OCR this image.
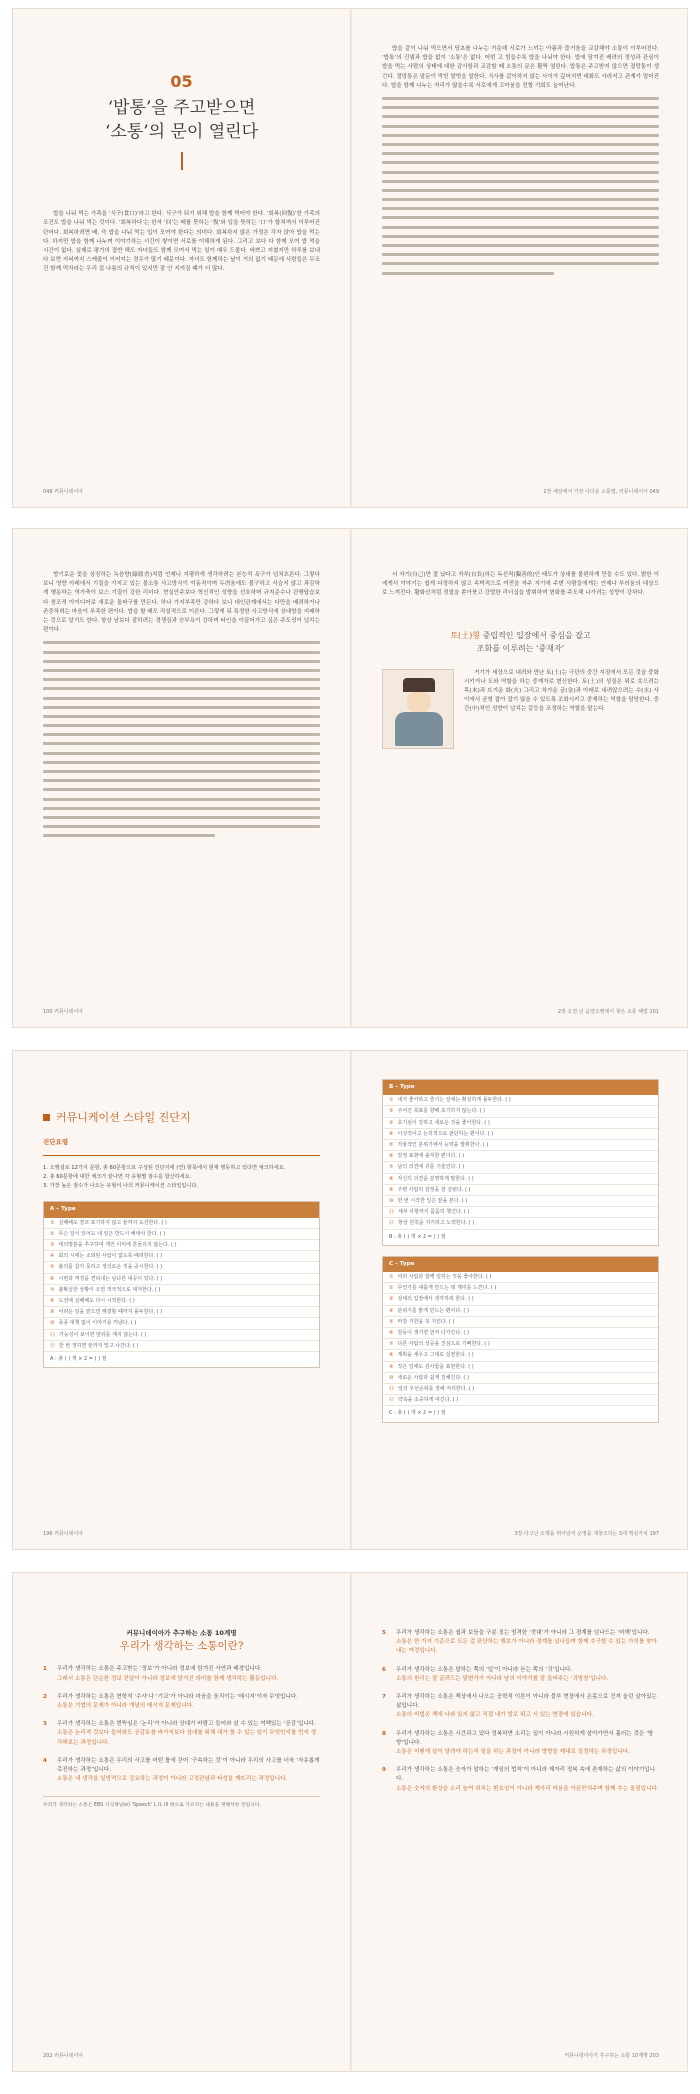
05
‘밥통’을 주고받으면
‘소통’의 문이 열린다
밥을 나눠 먹는 가족을 ‘식구(食口)’라고 한다. 식구가 되기 위해 밥을 함께 먹어야 한다. ‘회복(回復)’한 가족의 조건도 밥을 나눠 먹는 것이다. ‘회복하다’는 한자 ‘回’는 배를 뜻하는 ‘復’와 입을 뜻하는 ‘口’가 합쳐져서 이루어진 단어다. 회복하려면 배, 즉 밥을 나눠 먹는 입이 모여야 한다는 의미다. 회복하지 않은 가정은 각자 앉아 밥을 먹는다. 하지만 밥을 함께 나누며 이야기하는 시간이 쌓이면 서로를 이해하게 된다. 그리고 보다 다 함께 모여 밥 먹을 시간이 없다. 실제로 평가의 절반 해도 자녀들도 함께 모여서 먹는 일이 매우 드물다. 바쁘고 지쳤지만 하루를 보내다 보면 저녁까지 스케줄이 이어지는 경우가 많기 때문이다. 자녀도 함께하는 날이 거의 없기 때문에 사람들은 무조건 함께 먹자라는 우리 집 나름의 규칙이 있지만 잘 안 지켜질 때가 더 많다.
048 커뮤니데이아
밥을 같이 나눠 먹으면서 당초를 나누는 가운데 서로가 느끼는 아픔과 즐거움을 교감해야 소통이 이루어진다. ‘밥통’의 건넴과 밥을 없이 ‘소통’은 없다. 어떤 고 힘들수록 밥을 나눠야 한다. 밥에 담겨진 배려의 정성과 관심이 밥을 먹는 사람의 상태에 대한 감사함과 교감할 때 소통의 문은 활짝 열린다. 밥통은 주고받지 않으면 절망통이 생긴다. 절망통은 말문이 막힌 말벗을 말한다. 식사를 같이하지 않는 사이가 깊어지면 대화도 사라지고 관계가 멀어진다. 밥을 함께 나누는 자리가 많을수록 서로에게 고마움을 전할 기회도 늘어난다.
1장 세상에서 가장 나다운 소통법, 커뮤니데이아 049
향기로운 꽃을 상징하는 녹음향(綠陰香)처럼 언제나 지평하게 생각하려는 본능적 욕구가 넘쳐흐른다. 그렇다 보니 영향 아래에서 기질을 가지고 있는 불소통 사고방식이 억동적이며 두려움에도 불구하고 서슴지 않고 과감하게 행동하는 역가축이 보스 기질이 강한 리더다. 현실안주보다 혁신적인 성향을 선호하며 규칙준수나 관행답습보다 창조적 아이디어로 새로운 돌파구를 만든다. 하나 가지부족만 강하다 보니 대인관계에서는 다만을 배려하거나 존중하려는 마음이 부족한 편이다. 밥을 할 때도 직설적으로 이른다. 그렇게 되 특정한 사고방식에 상대방을 지배하는 것으로 알기도 한다. 항상 남보다 잘하려는 경쟁심과 승부욕이 강하며 타인을 이끌어가고 싶은 주도성이 넘치는 편이다.
100 커뮤니데이아
서 자기(自己)만 잘 났다고 자부(自負)하는 독선적(獨善的)인 태도가 상대를 불편하게 만들 수도 있다. 밝한 이에게서 이야기는 쉽게 다정하지 않고 속박적으로 여전을 자주 자기에 주변 사람들에게는 언제나 부러움의 대상으로 느껴진다. 활화산처럼 정열을 쏟아붓고 강렬한 리더십을 발휘하며 변화를 주도해 나가려는 성향이 강하다.
토(土)형 중립적인 입장에서 중심을 잡고
조화를 이루려는 ‘중재자’
거기가 세상으로 내려와 만난 토(土)는 극단의 중간 지점에서 모든 것을 중화시키거나 도와 역할을 하는 중재자로 변신한다. 토(土)의 성질은 위로 솟으려는 목(木)과 뜨거운 화(火) 그리고 차가운 금(金)과 아래로 내려앉으려는 수(水) 사이에서 균형 잡아 잡기 않을 수 있도록 조화시키고 중재하는 역할을 담당한다. 중간(中)적인 성향이 넘치는 갈등을 조정하는 역할을 맡는다.
2장 오천 년 음양오행에서 찾은 소통 해법 101
커뮤니케이션 스타일 진단지
진단요령
1. 오행설로 12가지 문항, 총 60문항으로 구성된 진단지에 (연) 항목에서 현재 행동하고 있다면 체크하세요.
2. 총 60문항에 대한 체크가 끝나면 각 유형별 점수를 합산하세요.
3. 가장 높은 점수가 나오는 유형이 나의 커뮤니케이션 스타일입니다.
A – Type
① 실패해도 결코 포기하지 않고 끝까지 도전한다. ( )
② 무슨 일이 있어도 내 일은 반드시 해내야 한다. ( )
③ 대의명분을 추구하며 개인 이익에 흔들리지 않는다. ( )
④ 회의 시에는 소외된 사람이 없도록 배려한다. ( )
⑤ 불의를 참지 못하고 정의로운 것을 중시한다. ( )
⑥ 시련과 역경을 견뎌내는 남다른 내공이 있다. ( )
⑦ 불확실한 상황이 오면 적극적으로 대처한다. ( )
⑧ 도전에 실패해도 다시 시작한다. ( )
⑨ 어려운 일을 맡으면 해결할 때까지 몰두한다. ( )
⑩ 종종 대책 없이 이야기를 꺼낸다. ( )
⑪ 가능성이 보이면 앞뒤를 재지 않는다. ( )
⑫ 한 번 정하면 끝까지 밀고 나간다. ( )
A : 총 ( ) 개 × 2 = ( ) 점
196 커뮤니데이아
B – Type
① 내가 좋아하고 즐기는 일에는 확실하게 몰두한다. ( )
② 주어진 목표를 향해 포기하지 않는다. ( )
③ 호기심이 강하고 새로운 것을 좋아한다. ( )
④ 이성적이고 논리적으로 판단하는 편이다. ( )
⑤ 자율적인 분위기에서 능력을 발휘한다. ( )
⑥ 감정 표현에 솔직한 편이다. ( )
⑦ 남의 의견에 귀를 기울인다. ( )
⑧ 자신의 의견을 분명하게 말한다. ( )
⑨ 주변 사람의 감정을 잘 살핀다. ( )
⑩ 한 번 시작한 일은 끝을 본다. ( )
⑪ 세부 사항까지 꼼꼼히 챙긴다. ( )
⑫ 항상 원칙을 지키려고 노력한다. ( )
B : 총 ( ) 개 × 2 = ( ) 점
C – Type
① 여러 사람과 함께 일하는 것을 좋아한다. ( )
② 무언가를 새롭게 만드는 데 재미를 느낀다. ( )
③ 상대의 입장에서 생각하려 한다. ( )
④ 분위기를 밝게 만드는 편이다. ( )
⑤ 마감 기한을 꼭 지킨다. ( )
⑥ 갈등이 생기면 먼저 다가간다. ( )
⑦ 다른 사람의 성공을 진심으로 기뻐한다. ( )
⑧ 계획을 세우고 그대로 실천한다. ( )
⑨ 작은 일에도 감사함을 표현한다. ( )
⑩ 새로운 사람과 쉽게 친해진다. ( )
⑪ 일의 우선순위를 정해 처리한다. ( )
⑫ 약속을 소중하게 여긴다. ( )
C : 총 ( ) 개 × 2 = ( ) 점
3장 타고난 오행을 뛰어넘어 운명을 재창조하는 5대 핵심가치 197
커뮤니데이아가 추구하는 소통 10계명
우리가 생각하는 소통이란?
1	우리가 생각하는 소통은 주고받는 ‘정보’가 아니라 정보에 담겨진 사연과 배경입니다.
그래서 소통은 단순한 정보 전달이 아니라 정보에 담겨진 의미를 함께 생각하는 활동입니다.
2	우리가 생각하는 소통은 현학적 ‘수사’나 ‘기교’가 아니라 마음을 움직이는 ‘메시지’이자 무엇입니다.
소통은 기법의 문제가 아니라 개념의 메시지 문제입니다.
3	우리가 생각하는 소통은 번뜩임은 ‘논리’가 아니라 상대가 바람고 들어와 살 수 있는 여백있는 ‘공감’입니다.
소통은 논리적 것보다 들어와도 공감토를 바가지보다 상대를 위해 내가 할 수 있는 일이 무엇인지를 먼저 생각해보는 과정입니다.
4	우리가 생각하는 소통은 우리의 사고를 어떤 틀에 갇어 ‘구속하는 것’이 아니라 우리의 사고를 더욱 ‘자유롭게 촉진하는 과정’입니다.
소통은 내 생각을 일방적으로 강요하는 과정이 아니라 고정관념과 타성을 깨뜨리는 과정입니다.
우리가 생각하는 소통은 EBS 지식채널(e) ‘Speech’ I, II, III 편으로 가르치는 내용을 재해석한 것입니다.
202 커뮤니데이아
5	우리가 생각하는 소통은 쉽과 보듬을 구분 짓는 엄격한 ‘잣대’가 아니라 그 경계를 넘나드는 ‘어깨’입니다.
소통은 한 가지 기준으로 모든 걸 판단하는 행보가 아니라 경계를 넘나들며 함께 추구할 수 있는 가치를 찾아내는 여정입니다.
6	우리가 생각하는 소통은 말하는 쪽의 ‘입’이 아니라 듣는 쪽의 ‘귀’입니다.
소통의 원리는 잘 끌려드는 달변가가 아니라 남의 이야기를 잘 들어주는 ‘귀명창’입니다.
7	우리가 생각하는 소통은 책상에서 나오는 공학적 이론이 아니라 블루 현장에서 온몸으로 건져 올린 살아있는 삶입니다.
소통의 비법은 책에 나와 있지 않고 직접 내가 발로 뛰고 서 있는 현장에 있습니다.
8	우리가 생각하는 소통은 시간과고 있다 정복하면 소리는 일이 아니라 시원하게 살아가면서 흘러는 것은 ‘방향’입니다.
소통은 어떻게 살이 달려야 하는지 일을 하는 과정이 아니라 방향을 제대로 설정하는 과정입니다.
9	우리가 생각하는 소통은 숫자가 말하는 ‘게임의 법칙’이 아니라 제자리 정복 속에 존재하는 삶의 이야기입니다.
소통은 숫자의 환상을 소리 높여 외치는 환호성이 아니라 제자리 어용을 아픈만쳐주며 함께 추는 울림입니다.
커뮤니데이아가 추구하는 소통 10계명 203
